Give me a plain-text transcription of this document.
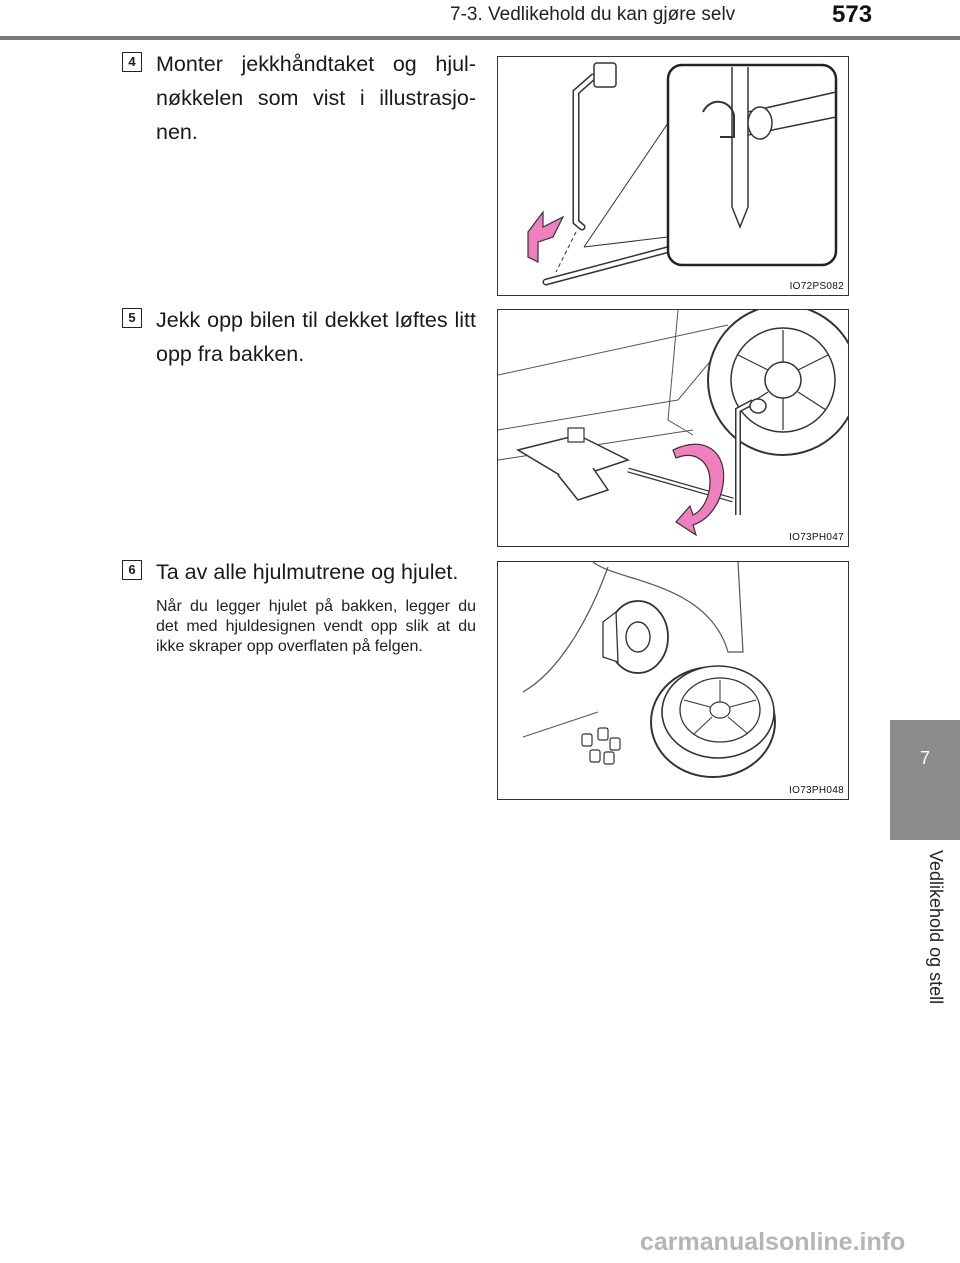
7-3. Vedlikehold du kan gjøre selv	573
7
Vedlikehold og stell
4 Monter jekkhåndtaket og hjul-nøkkelen som vist i illustrasjo-nen.
IO72PS082
5 Jekk opp bilen til dekket løftes litt opp fra bakken.
IO73PH047
6 Ta av alle hjulmutrene og hjulet.
Når du legger hjulet på bakken, legger du det med hjuldesignen vendt opp slik at du ikke skraper opp overflaten på felgen.
IO73PH048
carmanualsonline.info
